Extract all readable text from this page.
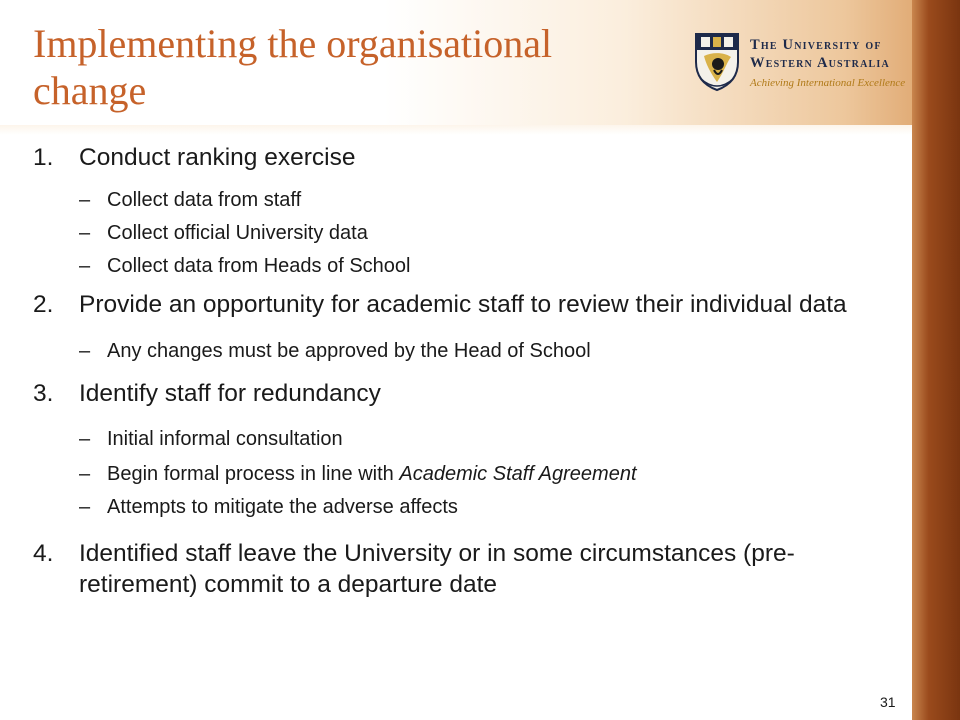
Implementing the organisational change
The University of
Western Australia
Achieving International Excellence
1. Conduct ranking exercise
– Collect data from staff
– Collect official University data
– Collect data from Heads of School
2. Provide an opportunity for academic staff to review their individual data
– Any changes must be approved by the Head of School
3. Identify staff for redundancy
– Initial informal consultation
– Begin formal process in line with Academic Staff Agreement
– Attempts to mitigate the adverse affects
4. Identified staff leave the University or in some circumstances (pre-retirement) commit to a departure date
31
